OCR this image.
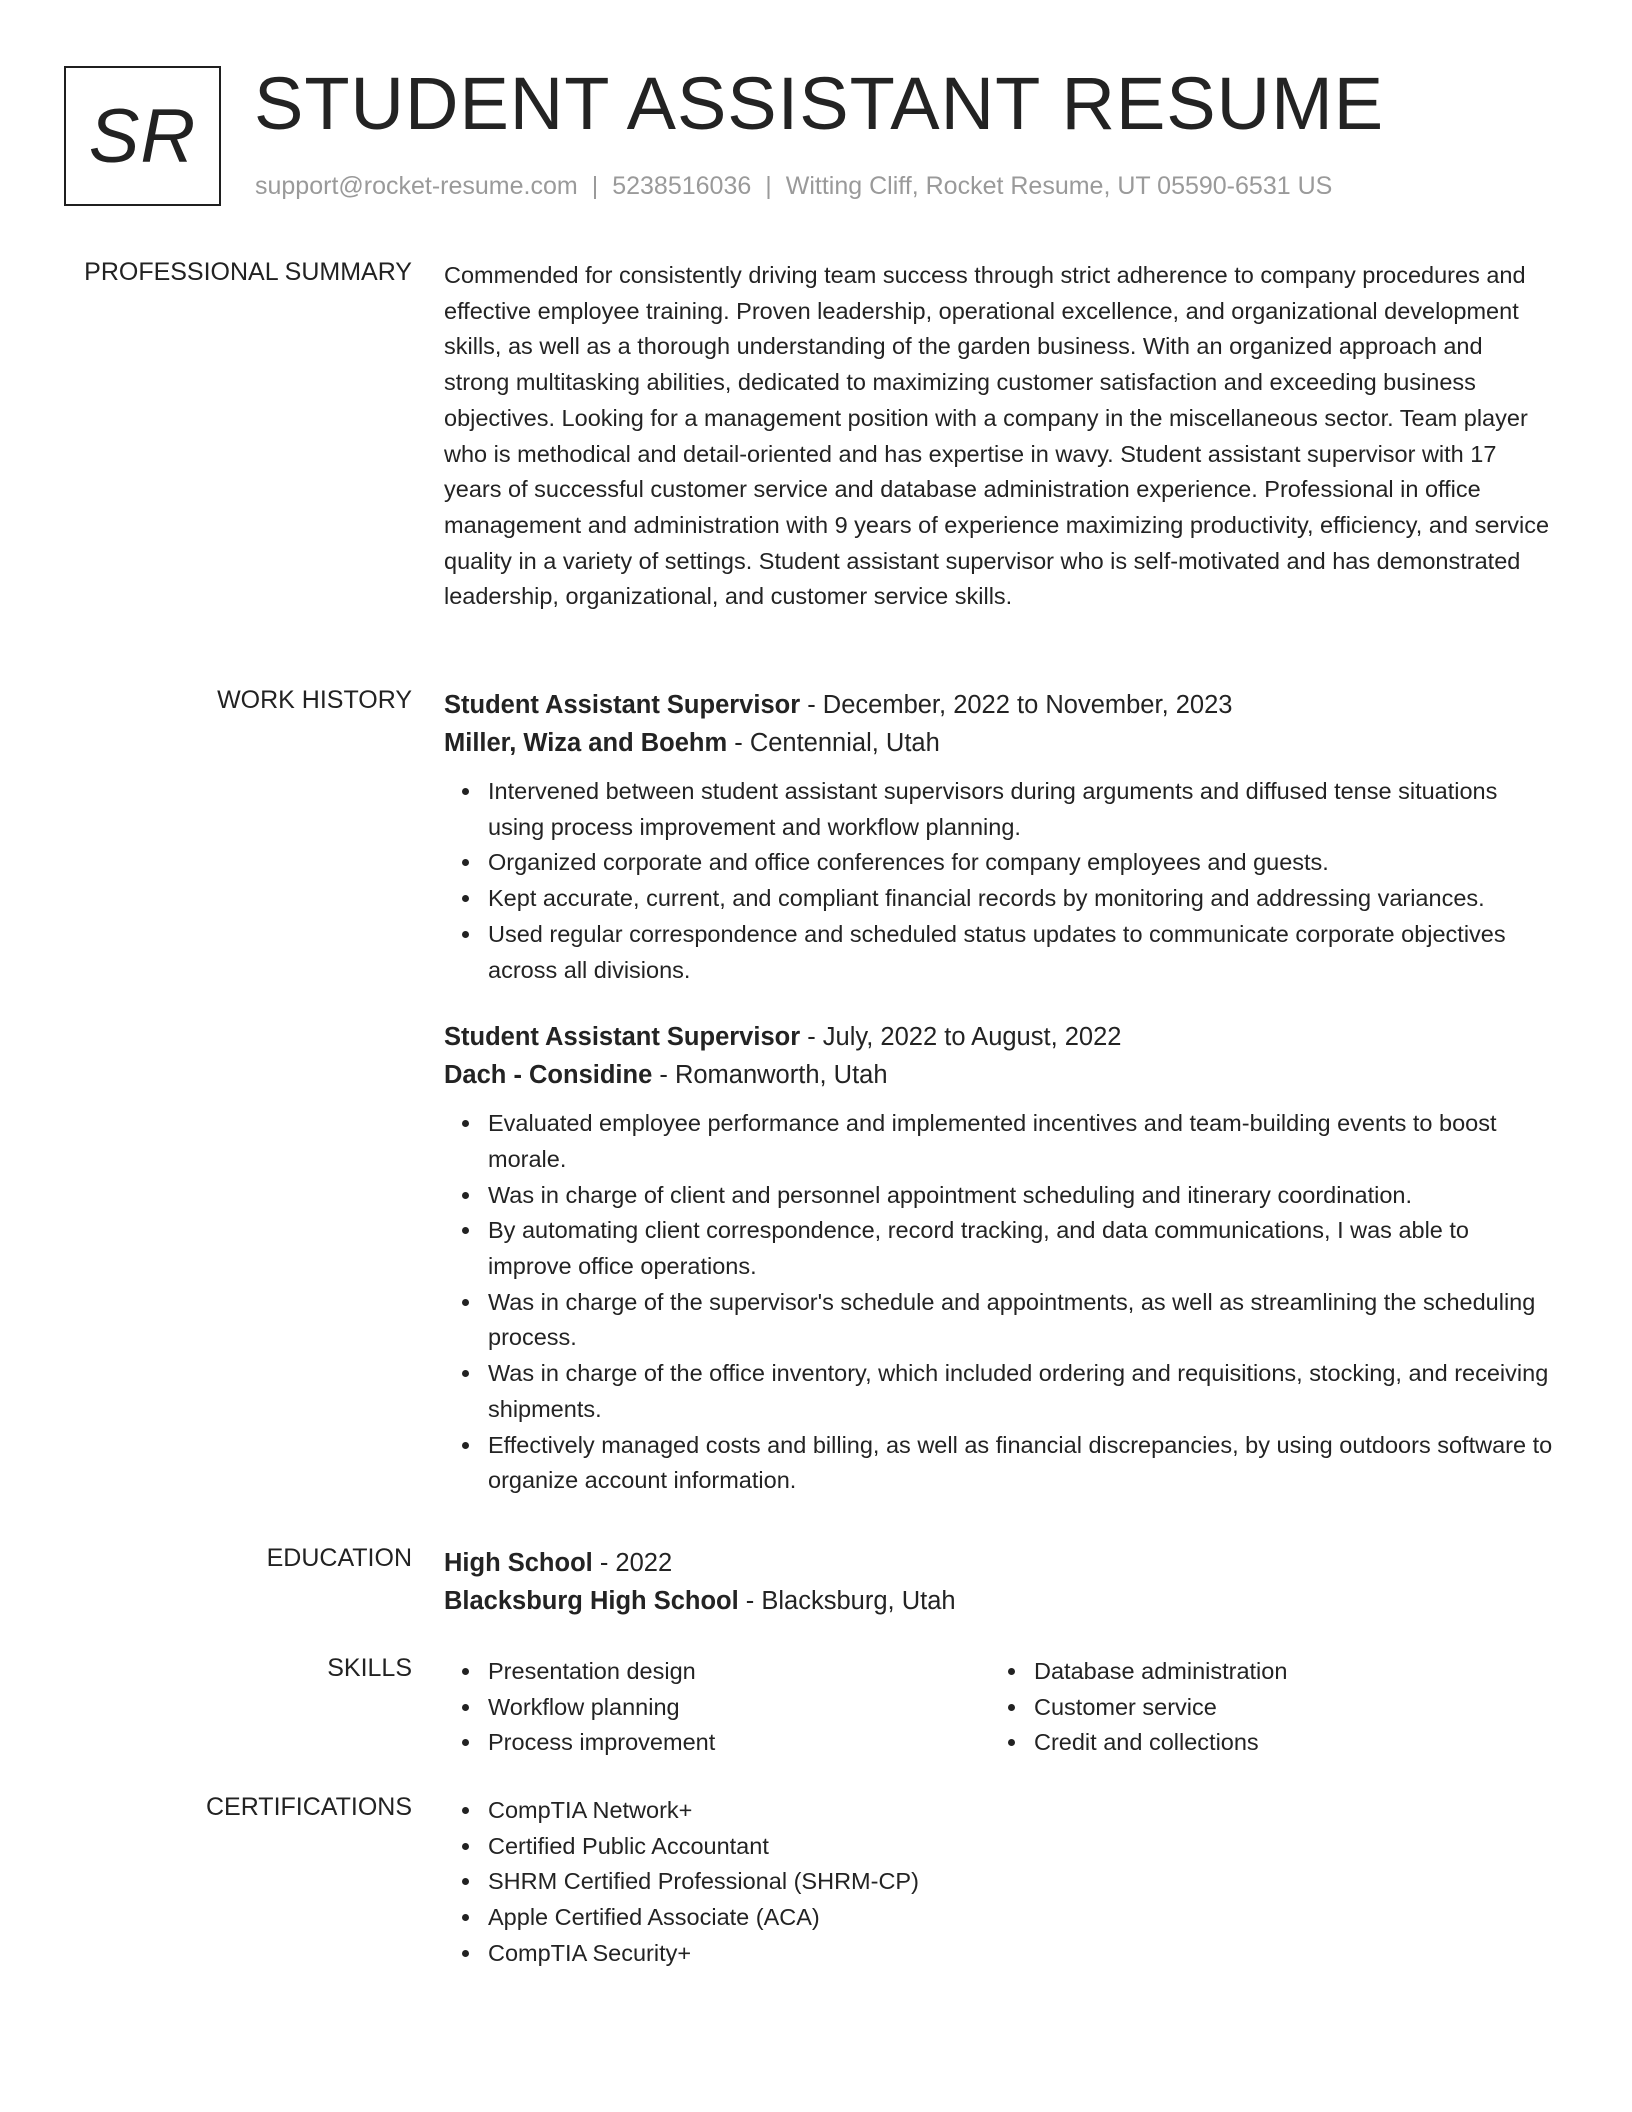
SR STUDENT ASSISTANT RESUME
support@rocket-resume.com | 5238516036 | Witting Cliff, Rocket Resume, UT 05590-6531 US
PROFESSIONAL SUMMARY Commended for consistently driving team success through strict adherence to company procedures and effective employee training. Proven leadership, operational excellence, and organizational development skills, as well as a thorough understanding of the garden business. With an organized approach and strong multitasking abilities, dedicated to maximizing customer satisfaction and exceeding business objectives. Looking for a management position with a company in the miscellaneous sector. Team player who is methodical and detail-oriented and has expertise in wavy. Student assistant supervisor with 17 years of successful customer service and database administration experience. Professional in office management and administration with 9 years of experience maximizing productivity, efficiency, and service quality in a variety of settings. Student assistant supervisor who is self-motivated and has demonstrated leadership, organizational, and customer service skills.

WORK HISTORY Student Assistant Supervisor - December, 2022 to November, 2023
Miller, Wiza and Boehm - Centennial, Utah
Intervened between student assistant supervisors during arguments and diffused tense situations using process improvement and workflow planning.
Organized corporate and office conferences for company employees and guests.
Kept accurate, current, and compliant financial records by monitoring and addressing variances.
Used regular correspondence and scheduled status updates to communicate corporate objectives across all divisions.
Student Assistant Supervisor - July, 2022 to August, 2022
Dach - Considine - Romanworth, Utah
Evaluated employee performance and implemented incentives and team-building events to boost morale.
Was in charge of client and personnel appointment scheduling and itinerary coordination.
By automating client correspondence, record tracking, and data communications, I was able to improve office operations.
Was in charge of the supervisor's schedule and appointments, as well as streamlining the scheduling process.
Was in charge of the office inventory, which included ordering and requisitions, stocking, and receiving shipments.
Effectively managed costs and billing, as well as financial discrepancies, by using outdoors software to organize account information.
EDUCATION High School - 2022
Blacksburg High School - Blacksburg, Utah
SKILLS	Presentation design
Workflow planning
Process improvement
Database administration
Customer service
Credit and collections
CERTIFICATIONS	CompTIA Network+
Certified Public Accountant
SHRM Certified Professional (SHRM-CP)
Apple Certified Associate (ACA)
CompTIA Security+
